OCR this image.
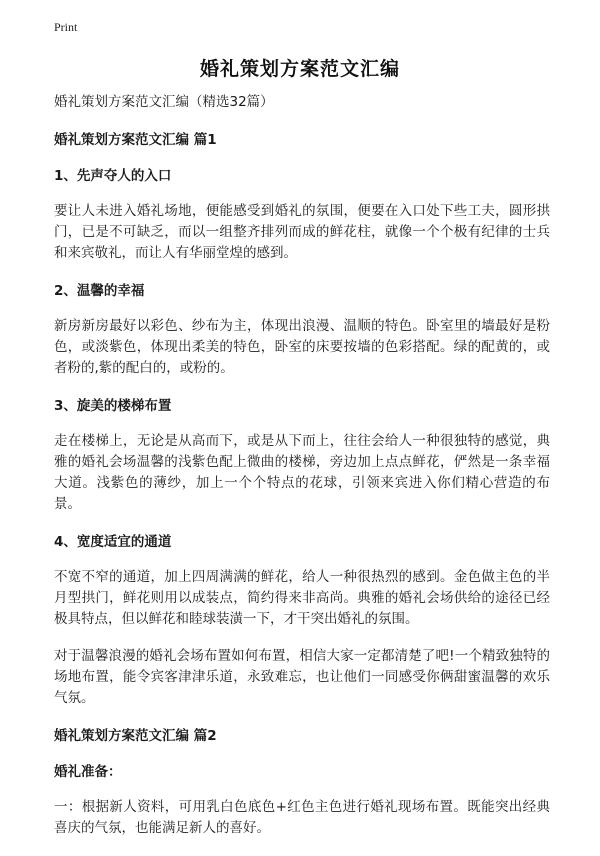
Print
婚礼策划方案范文汇编
婚礼策划方案范文汇编（精选32篇）
婚礼策划方案范文汇编 篇1
1、先声夺人的入口

要让人未进入婚礼场地，便能感受到婚礼的氛围，便要在入口处下些工夫，圆形拱门，已是不可缺乏，而以一组整齐排列而成的鲜花柱，就像一个个极有纪律的士兵和来宾敬礼，而让人有华丽堂煌的感到。

2、温馨的幸福

新房新房最好以彩色、纱布为主，体现出浪漫、温顺的特色。卧室里的墙最好是粉色，或淡紫色，体现出柔美的特色，卧室的床要按墙的色彩搭配。绿的配黄的，或者粉的,紫的配白的，或粉的。

3、旋美的楼梯布置

走在楼梯上，无论是从高而下，或是从下而上，往往会给人一种很独特的感觉，典雅的婚礼会场温馨的浅紫色配上微曲的楼梯，旁边加上点点鲜花，俨然是一条幸福大道。浅紫色的薄纱，加上一个个特点的花球，引领来宾进入你们精心营造的布景。

4、宽度适宜的通道

不宽不窄的通道，加上四周满满的鲜花，给人一种很热烈的感到。金色做主色的半月型拱门，鲜花则用以成装点，简约得来非高尚。典雅的婚礼会场供给的途径已经极具特点，但以鲜花和睦球装潢一下，才干突出婚礼的氛围。

对于温馨浪漫的婚礼会场布置如何布置，相信大家一定都清楚了吧!一个精致独特的场地布置，能令宾客津津乐道，永致难忘，也让他们一同感受你俩甜蜜温馨的欢乐气氛。

婚礼策划方案范文汇编 篇2
婚礼准备：

一：根据新人资料，可用乳白色底色+红色主色进行婚礼现场布置。既能突出经典喜庆的气氛，也能满足新人的喜好。
